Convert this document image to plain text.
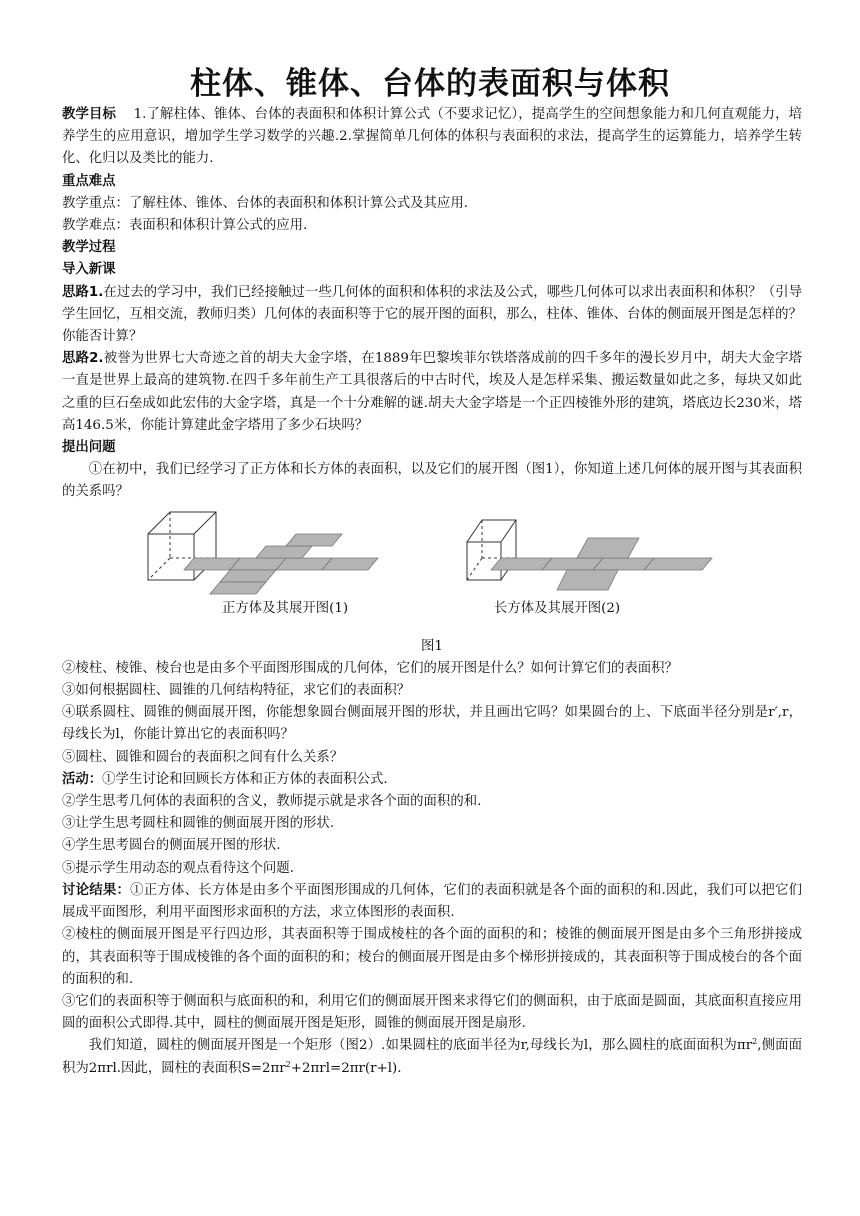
柱体、锥体、台体的表面积与体积

教学目标 1.了解柱体、锥体、台体的表面积和体积计算公式（不要求记忆），提高学生的空间想象能力和几何直观能力，培养学生的应用意识，增加学生学习数学的兴趣.2.掌握简单几何体的体积与表面积的求法，提高学生的运算能力，培养学生转化、化归以及类比的能力.

重点难点

教学重点：了解柱体、锥体、台体的表面积和体积计算公式及其应用.

教学难点：表面积和体积计算公式的应用.

教学过程

导入新课

思路1.在过去的学习中，我们已经接触过一些几何体的面积和体积的求法及公式，哪些几何体可以求出表面积和体积？（引导学生回忆，互相交流，教师归类）几何体的表面积等于它的展开图的面积，那么，柱体、锥体、台体的侧面展开图是怎样的？你能否计算？

思路2.被誉为世界七大奇迹之首的胡夫大金字塔，在1889年巴黎埃菲尔铁塔落成前的四千多年的漫长岁月中，胡夫大金字塔一直是世界上最高的建筑物.在四千多年前生产工具很落后的中古时代，埃及人是怎样采集、搬运数量如此之多，每块又如此之重的巨石垒成如此宏伟的大金字塔，真是一个十分难解的谜.胡夫大金字塔是一个正四棱锥外形的建筑，塔底边长230米，塔高146.5米，你能计算建此金字塔用了多少石块吗？

提出问题

①在初中，我们已经学习了正方体和长方体的表面积，以及它们的展开图（图1），你知道上述几何体的展开图与其表面积的关系吗？

正方体及其展开图(1)	长方体及其展开图(2)

图1

②棱柱、棱锥、棱台也是由多个平面图形围成的几何体，它们的展开图是什么？如何计算它们的表面积？

③如何根据圆柱、圆锥的几何结构特征，求它们的表面积？

④联系圆柱、圆锥的侧面展开图，你能想象圆台侧面展开图的形状，并且画出它吗？如果圆台的上、下底面半径分别是r′,r，母线长为l，你能计算出它的表面积吗？

⑤圆柱、圆锥和圆台的表面积之间有什么关系？

活动：①学生讨论和回顾长方体和正方体的表面积公式.

②学生思考几何体的表面积的含义，教师提示就是求各个面的面积的和.

③让学生思考圆柱和圆锥的侧面展开图的形状.

④学生思考圆台的侧面展开图的形状.

⑤提示学生用动态的观点看待这个问题.

讨论结果：①正方体、长方体是由多个平面图形围成的几何体，它们的表面积就是各个面的面积的和.因此，我们可以把它们展成平面图形，利用平面图形求面积的方法，求立体图形的表面积.

②棱柱的侧面展开图是平行四边形，其表面积等于围成棱柱的各个面的面积的和；棱锥的侧面展开图是由多个三角形拼接成的，其表面积等于围成棱锥的各个面的面积的和；棱台的侧面展开图是由多个梯形拼接成的，其表面积等于围成棱台的各个面的面积的和.

③它们的表面积等于侧面积与底面积的和，利用它们的侧面展开图来求得它们的侧面积，由于底面是圆面，其底面积直接应用圆的面积公式即得.其中，圆柱的侧面展开图是矩形，圆锥的侧面展开图是扇形.

我们知道，圆柱的侧面展开图是一个矩形（图2）.如果圆柱的底面半径为r,母线长为l，那么圆柱的底面面积为$\pi r^2$,侧面面积为2πrl.因此，圆柱的表面积$S=2\pi r^2+2\pi rl=2\pi r(r+l)$.
